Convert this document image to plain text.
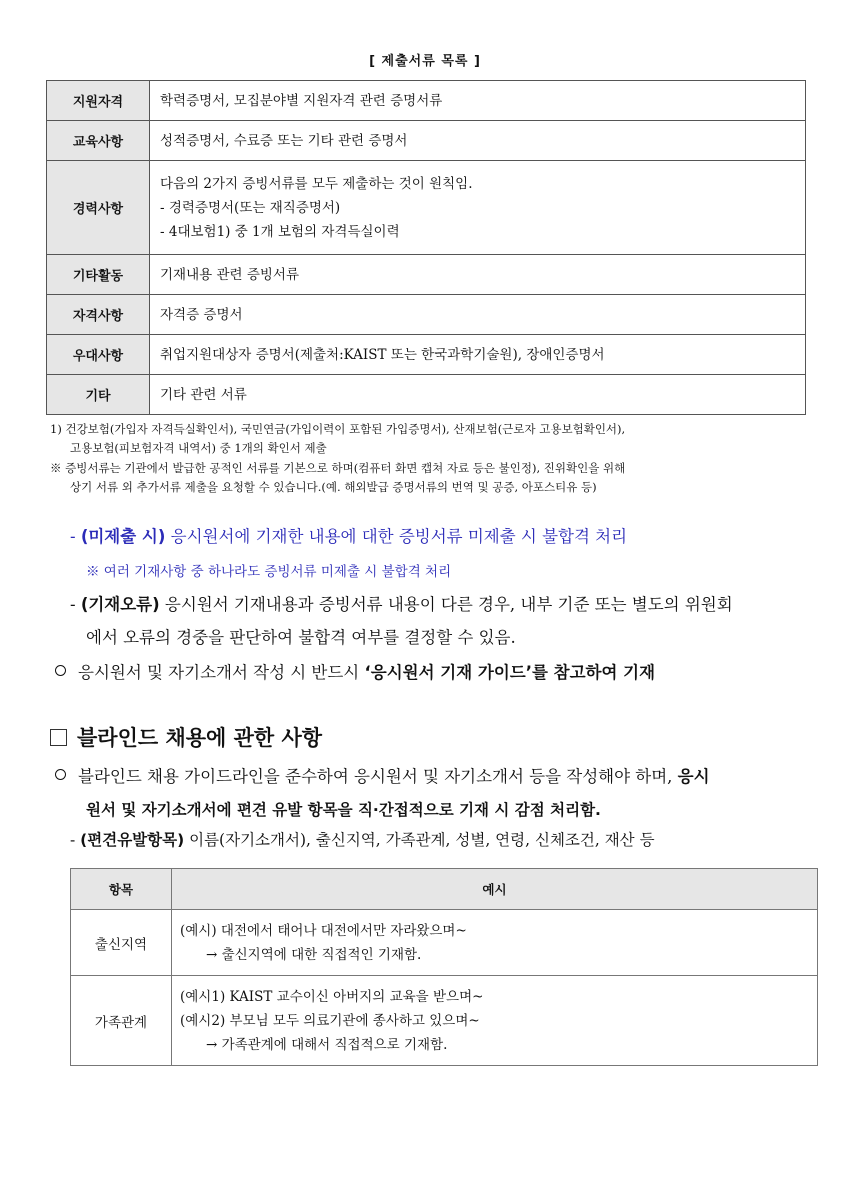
[ 제출서류 목록 ]
지원자격	학력증명서, 모집분야별 지원자격 관련 증명서류

교육사항	성적증명서, 수료증 또는 기타 관련 증명서

경력사항	다음의 2가지 증빙서류를 모두 제출하는 것이 원칙임.
- 경력증명서(또는 재직증명서)
- 4대보험1) 중 1개 보험의 자격득실이력

기타활동	기재내용 관련 증빙서류

자격사항	자격증 증명서

우대사항	취업지원대상자 증명서(제출처:KAIST 또는 한국과학기술원), 장애인증명서

기타	기타 관련 서류
1) 건강보험(가입자 자격득실확인서), 국민연금(가입이력이 포함된 가입증명서), 산재보험(근로자 고용보험확인서),
고용보험(피보험자격 내역서) 중 1개의 확인서 제출
※ 증빙서류는 기관에서 발급한 공적인 서류를 기본으로 하며(컴퓨터 화면 캡쳐 자료 등은 불인정), 진위확인을 위해
상기 서류 외 추가서류 제출을 요청할 수 있습니다.(예. 해외발급 증명서류의 번역 및 공증, 아포스티유 등)
- (미제출 시) 응시원서에 기재한 내용에 대한 증빙서류 미제출 시 불합격 처리
※ 여러 기재사항 중 하나라도 증빙서류 미제출 시 불합격 처리
- (기재오류) 응시원서 기재내용과 증빙서류 내용이 다른 경우, 내부 기준 또는 별도의 위원회
에서 오류의 경중을 판단하여 불합격 여부를 결정할 수 있음.
응시원서 및 자기소개서 작성 시 반드시 ‘응시원서 기재 가이드’를 참고하여 기재
블라인드 채용에 관한 사항
블라인드 채용 가이드라인을 준수하여 응시원서 및 자기소개서 등을 작성해야 하며, 응시
원서 및 자기소개서에 편견 유발 항목을 직·간접적으로 기재 시 감점 처리함.
- (편견유발항목) 이름(자기소개서), 출신지역, 가족관계, 성별, 연령, 신체조건, 재산 등
항목	예시
출신지역	(예시) 대전에서 태어나 대전에서만 자라왔으며~
→ 출신지역에 대한 직접적인 기재함.

가족관계	(예시1) KAIST 교수이신 아버지의 교육을 받으며~
(예시2) 부모님 모두 의료기관에 종사하고 있으며~
→ 가족관계에 대해서 직접적으로 기재함.
